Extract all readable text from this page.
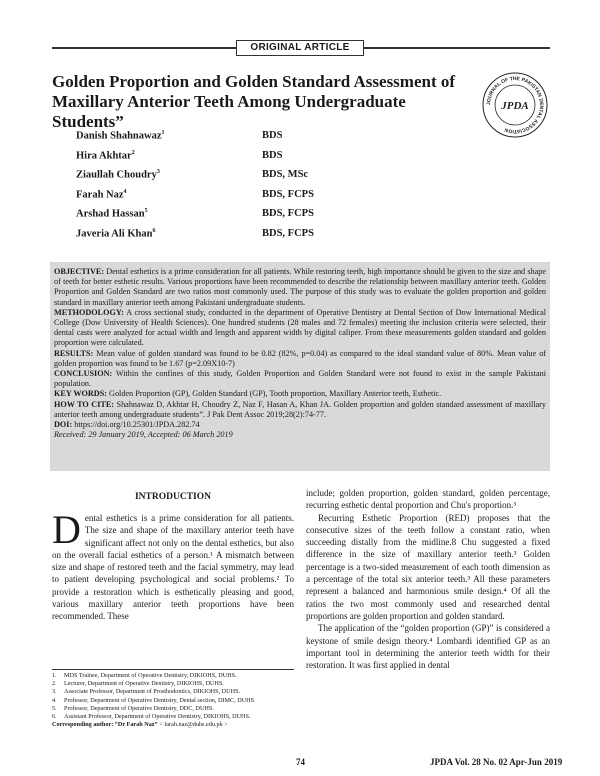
ORIGINAL ARTICLE
Golden Proportion and Golden Standard Assessment of
Maxillary Anterior Teeth Among Undergraduate Students”
JOURNAL OF THE PAKISTAN DENTAL ASSOCIATION
JPDA
Danish Shahnawaz$^1$	BDS
Hira Akhtar$^2$	BDS
Ziaullah Choudry$^3$	BDS, MSc
Farah Naz$^4$	BDS, FCPS
Arshad Hassan$^5$	BDS, FCPS
Javeria Ali Khan$^6$	BDS, FCPS

OBJECTIVE: Dental esthetics is a prime consideration for all patients. While restoring teeth, high importance should be given to the size and shape of teeth for better esthetic results. Various proportions have been recommended to describe the relationship between maxillary anterior teeth. Golden Proportion and Golden Standard are two ratios most commonly used. The purpose of this study was to evaluate the golden proportion and golden standard in maxillary anterior teeth among Pakistani undergraduate students.

METHODOLOGY: A cross sectional study, conducted in the department of Operative Dentistry at Dental Section of Dow International Medical College (Dow University of Health Sciences). One hundred students (28 males and 72 females) meeting the inclusion criteria were selected, their dental casts were analyzed for actual width and length and apparent width by digital caliper. From these measurements golden standard and golden proportion were calculated.

RESULTS: Mean value of golden standard was found to be 0.82 (82%, p=0.04) as compared to the ideal standard value of 80%. Mean value of golden proportion was found to be 1.67 (p=2.09X10-7)

CONCLUSION: Within the confines of this study, Golden Proportion and Golden Standard were not found to exist in the sample Pakistani population.

KEY WORDS: Golden Proportion (GP), Golden Standard (GP), Tooth proportion, Maxillary Anterior teeth, Esthetic.

HOW TO CITE: Shahnawaz D, Akhtar H, Choudry Z, Naz F, Hasan A, Khan JA. Golden proportion and golden standard assessment of maxillary anterior teeth among undergraduate students”. J Pak Dent Assoc 2019;28(2):74-77.

DOI: https://doi.org/10.25301/JPDA.282.74

Received: 29 January 2019, Accepted: 06 March 2019

INTRODUCTION

Dental esthetics is a prime consideration for all patients. The size and shape of the maxillary anterior teeth have significant affect not only on the dental esthetics, but also on the overall facial esthetics of a person.¹ A mismatch between size and shape of restored teeth and the facial symmetry, may lead to patient developing psychological and social problems.² To provide a restoration which is esthetically pleasing and good, various maxillary anterior teeth proportions have been recommended. These

include; golden proportion, golden standard, golden percentage, recurring esthetic dental proportion and Chu's proportion.³

Recurring Esthetic Proportion (RED) proposes that the consecutive sizes of the teeth follow a constant ratio, when succeeding distally from the midline.8 Chu suggested a fixed difference in the size of maxillary anterior teeth.³ Golden percentage is a two-sided measurement of each tooth dimension as a percentage of the total six anterior teeth.³ All these parameters represent a balanced and harmonious smile design.⁴ Of all the ratios the two most commonly used and researched dental proportions are golden proportion and golden standard.

The application of the “golden proportion (GP)” is considered a keystone of smile design theory.⁴ Lombardi identified GP as an important tool in determining the anterior teeth width for their restoration. It was first applied in dental

1.	MDS Trainee, Department of Operative Dentistry, DIKIOHS, DUHS.
2.	Lecturer, Department of Operative Dentistry, DIKIOHS, DUHS.
3.	Associate Professor, Department of Prosthodontics, DIKIOHS, DUHS.
4.	Professor, Department of Operative Dentistry, Dental section, DIMC, DUHS
5.	Professor, Department of Operative Dentistry, DDC, DUHS.
6.	Assistant Professor, Department of Operative Dentistry, DIKIOHS, DUHS.
Corresponding author: “Dr Farah Naz” < farah.naz@duhs.edu.pk >
74	JPDA Vol. 28 No. 02 Apr-Jun 2019
